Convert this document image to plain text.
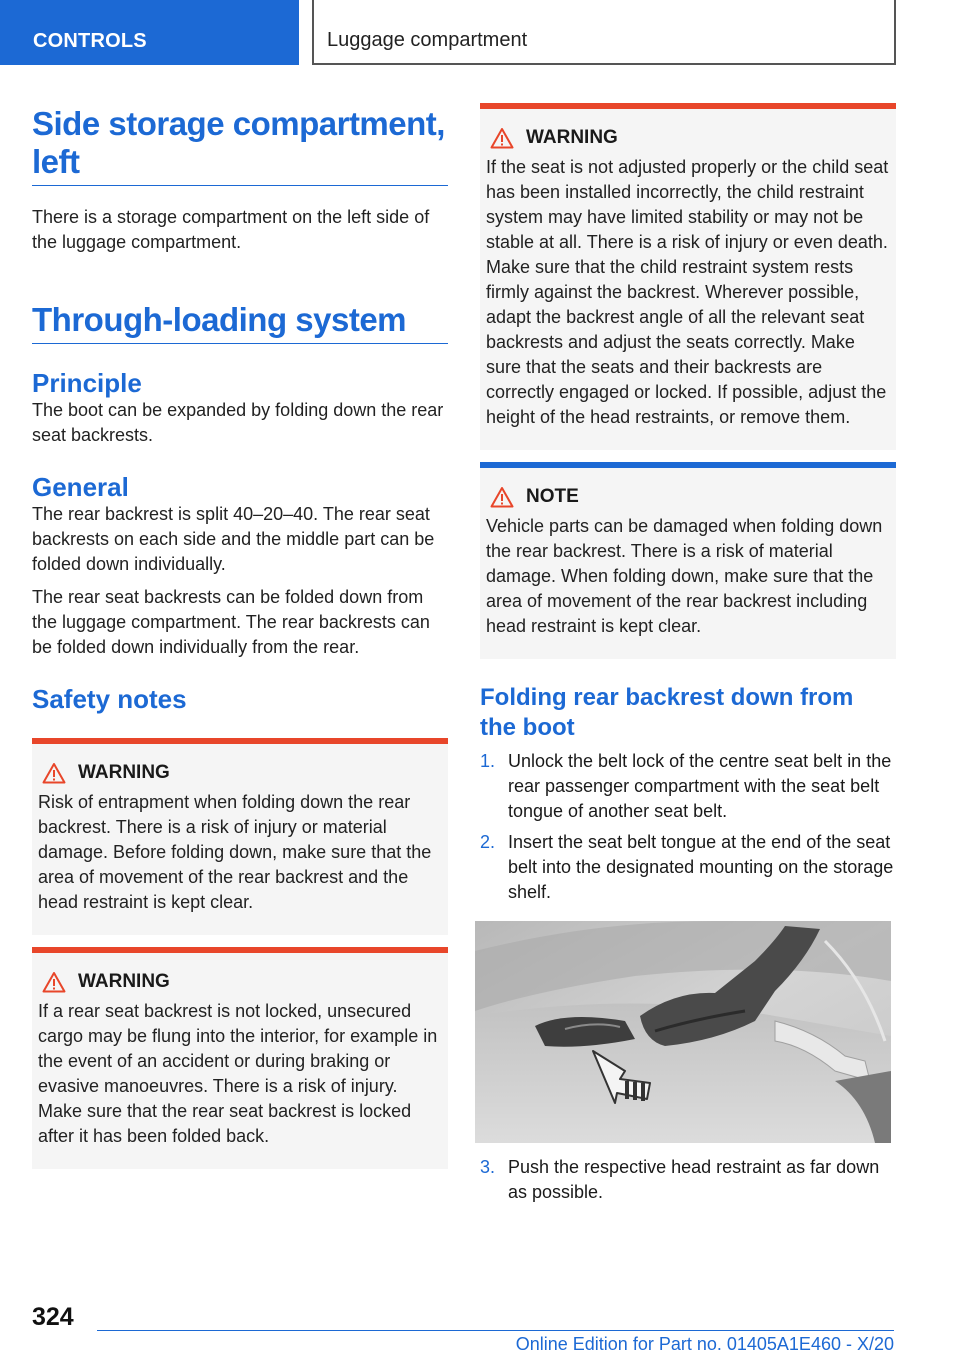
CONTROLS	Luggage compartment
Side storage compartment, left

There is a storage compartment on the left side of the luggage compartment.

Through-loading system
Principle

The boot can be expanded by folding down the rear seat backrests.

General

The rear backrest is split 40–20–40. The rear seat backrests on each side and the middle part can be folded down individually.

The rear seat backrests can be folded down from the luggage compartment. The rear backrests can be folded down individually from the rear.

Safety notes
WARNING

Risk of entrapment when folding down the rear backrest. There is a risk of injury or material damage. Before folding down, make sure that the area of movement of the rear backrest and the head restraint is kept clear.

WARNING

If a rear seat backrest is not locked, unsecured cargo may be flung into the interior, for example in the event of an accident or during braking or evasive manoeuvres. There is a risk of injury. Make sure that the rear seat backrest is locked after it has been folded back.

WARNING

If the seat is not adjusted properly or the child seat has been installed incorrectly, the child restraint system may have limited stability or may not be stable at all. There is a risk of injury or even death. Make sure that the child restraint system rests firmly against the backrest. Wherever possible, adapt the backrest angle of all the relevant seat backrests and adjust the seats correctly. Make sure that the seats and their backrests are correctly engaged or locked. If possible, adjust the height of the head restraints, or remove them.

NOTE

Vehicle parts can be damaged when folding down the rear backrest. There is a risk of material damage. When folding down, make sure that the area of movement of the rear backrest including head restraint is kept clear.

Folding rear backrest down from the boot
1. Unlock the belt lock of the centre seat belt in the rear passenger compartment with the seat belt tongue of another seat belt.
2. Insert the seat belt tongue at the end of the seat belt into the designated mounting on the storage shelf.
3. Push the respective head restraint as far down as possible.
324
Online Edition for Part no. 01405A1E460 - X/20
